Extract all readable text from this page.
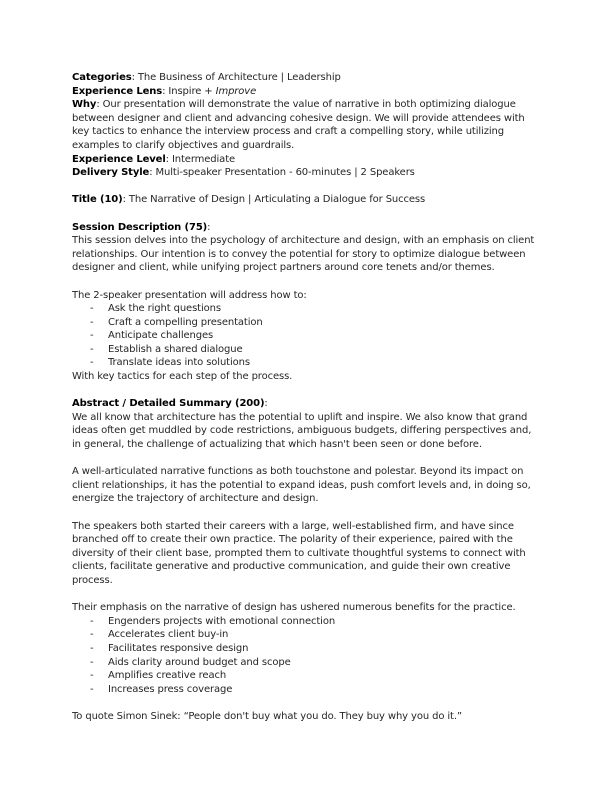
Categories: The Business of Architecture | Leadership
Experience Lens: Inspire + Improve
Why: Our presentation will demonstrate the value of narrative in both optimizing dialogue
between designer and client and advancing cohesive design. We will provide attendees with
key tactics to enhance the interview process and craft a compelling story, while utilizing
examples to clarify objectives and guardrails.
Experience Level: Intermediate
Delivery Style: Multi-speaker Presentation - 60-minutes | 2 Speakers
Title (10): The Narrative of Design | Articulating a Dialogue for Success
Session Description (75):
This session delves into the psychology of architecture and design, with an emphasis on client
relationships. Our intention is to convey the potential for story to optimize dialogue between
designer and client, while unifying project partners around core tenets and/or themes.
The 2-speaker presentation will address how to:
- Ask the right questions
- Craft a compelling presentation
- Anticipate challenges
- Establish a shared dialogue
- Translate ideas into solutions
With key tactics for each step of the process.
Abstract / Detailed Summary (200):
We all know that architecture has the potential to uplift and inspire. We also know that grand
ideas often get muddled by code restrictions, ambiguous budgets, differing perspectives and,
in general, the challenge of actualizing that which hasn't been seen or done before.
A well-articulated narrative functions as both touchstone and polestar. Beyond its impact on
client relationships, it has the potential to expand ideas, push comfort levels and, in doing so,
energize the trajectory of architecture and design.
The speakers both started their careers with a large, well-established firm, and have since
branched off to create their own practice. The polarity of their experience, paired with the
diversity of their client base, prompted them to cultivate thoughtful systems to connect with
clients, facilitate generative and productive communication, and guide their own creative
process.
Their emphasis on the narrative of design has ushered numerous benefits for the practice.
- Engenders projects with emotional connection
- Accelerates client buy-in
- Facilitates responsive design
- Aids clarity around budget and scope
- Amplifies creative reach
- Increases press coverage
To quote Simon Sinek: “People don't buy what you do. They buy why you do it.”
